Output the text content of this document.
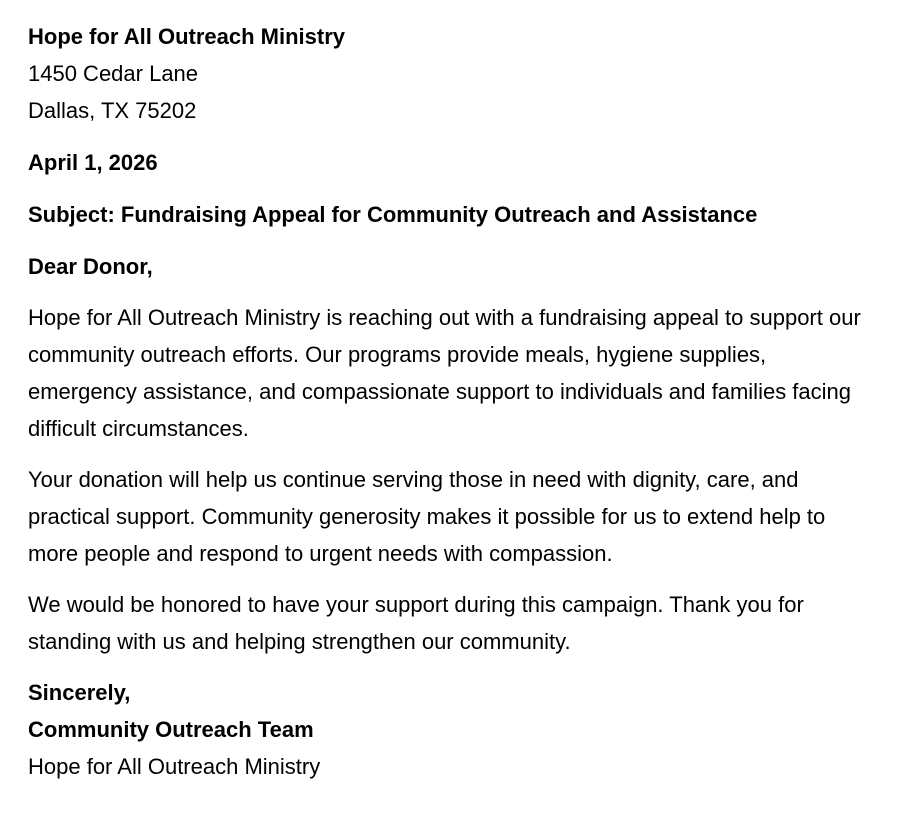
Hope for All Outreach Ministry
1450 Cedar Lane
Dallas, TX 75202
April 1, 2026
Subject: Fundraising Appeal for Community Outreach and Assistance
Dear Donor,

Hope for All Outreach Ministry is reaching out with a fundraising appeal to support our community outreach efforts. Our programs provide meals, hygiene supplies, emergency assistance, and compassionate support to individuals and families facing difficult circumstances.

Your donation will help us continue serving those in need with dignity, care, and practical support. Community generosity makes it possible for us to extend help to more people and respond to urgent needs with compassion.

We would be honored to have your support during this campaign. Thank you for standing with us and helping strengthen our community.

Sincerely,
Community Outreach Team
Hope for All Outreach Ministry
